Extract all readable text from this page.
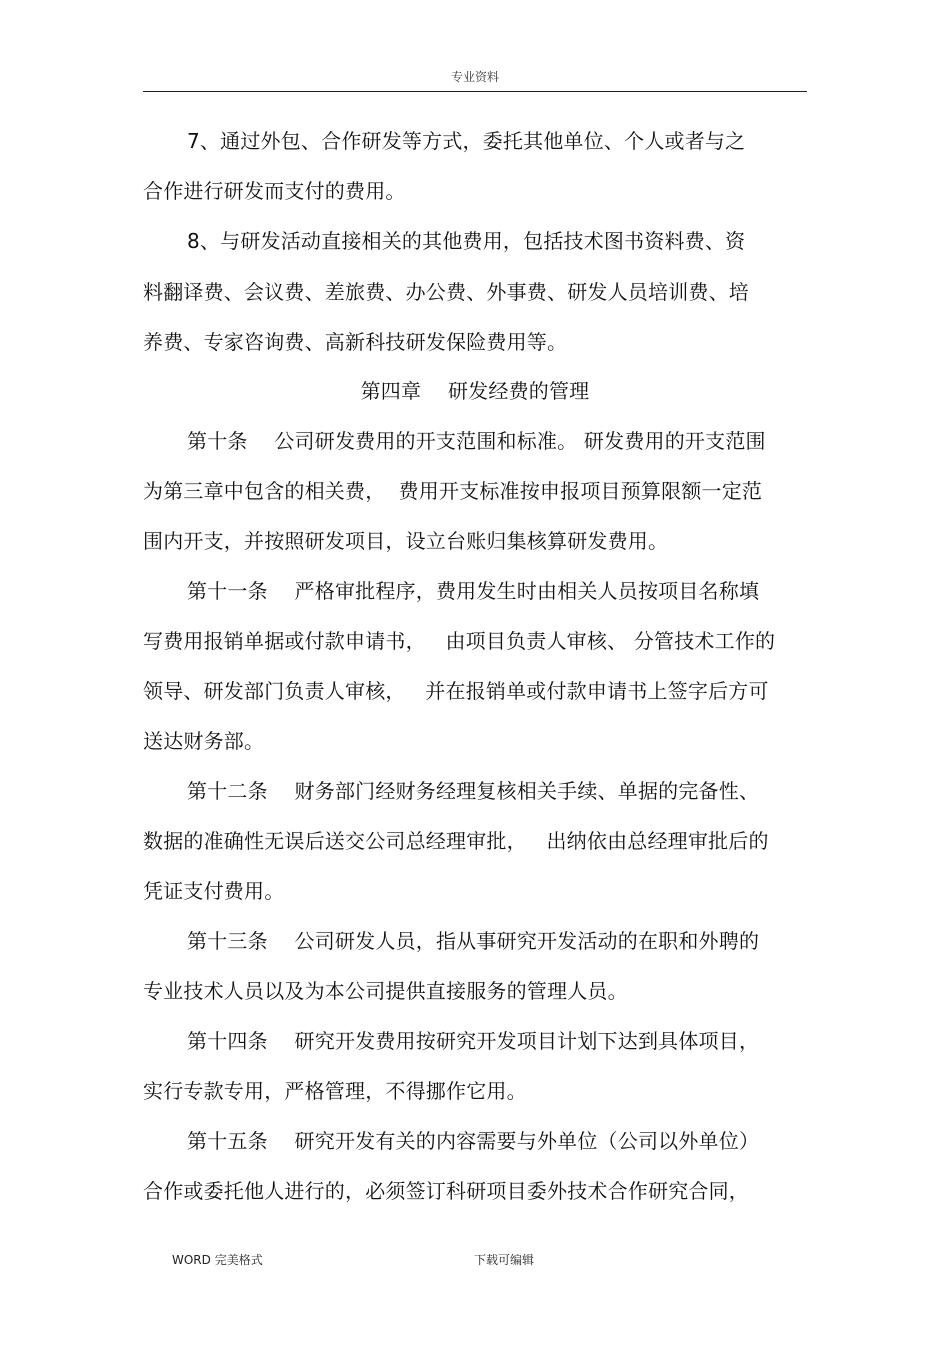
专业资料
7、通过外包、合作研发等方式，委托其他单位、个人或者与之
合作进行研发而支付的费用。
8、与研发活动直接相关的其他费用，包括技术图书资料费、资
料翻译费、会议费、差旅费、办公费、外事费、研发人员培训费、培
养费、专家咨询费、高新科技研发保险费用等。
第四章　 研发经费的管理
第十条　 公司研发费用的开支范围和标准。 研发费用的开支范围
为第三章中包含的相关费，  费用开支标准按申报项目预算限额一定范
围内开支，并按照研发项目，设立台账归集核算研发费用。
第十一条　 严格审批程序，费用发生时由相关人员按项目名称填
写费用报销单据或付款申请书，   由项目负责人审核、 分管技术工作的
领导、研发部门负责人审核，   并在报销单或付款申请书上签字后方可
送达财务部。
第十二条　 财务部门经财务经理复核相关手续、单据的完备性、
数据的准确性无误后送交公司总经理审批，   出纳依由总经理审批后的
凭证支付费用。
第十三条　 公司研发人员，指从事研究开发活动的在职和外聘的
专业技术人员以及为本公司提供直接服务的管理人员。
第十四条　 研究开发费用按研究开发项目计划下达到具体项目，
实行专款专用，严格管理，不得挪作它用。
第十五条　 研究开发有关的内容需要与外单位（公司以外单位）
合作或委托他人进行的，必须签订科研项目委外技术合作研究合同，
WORD 完美格式	下载可编辑
